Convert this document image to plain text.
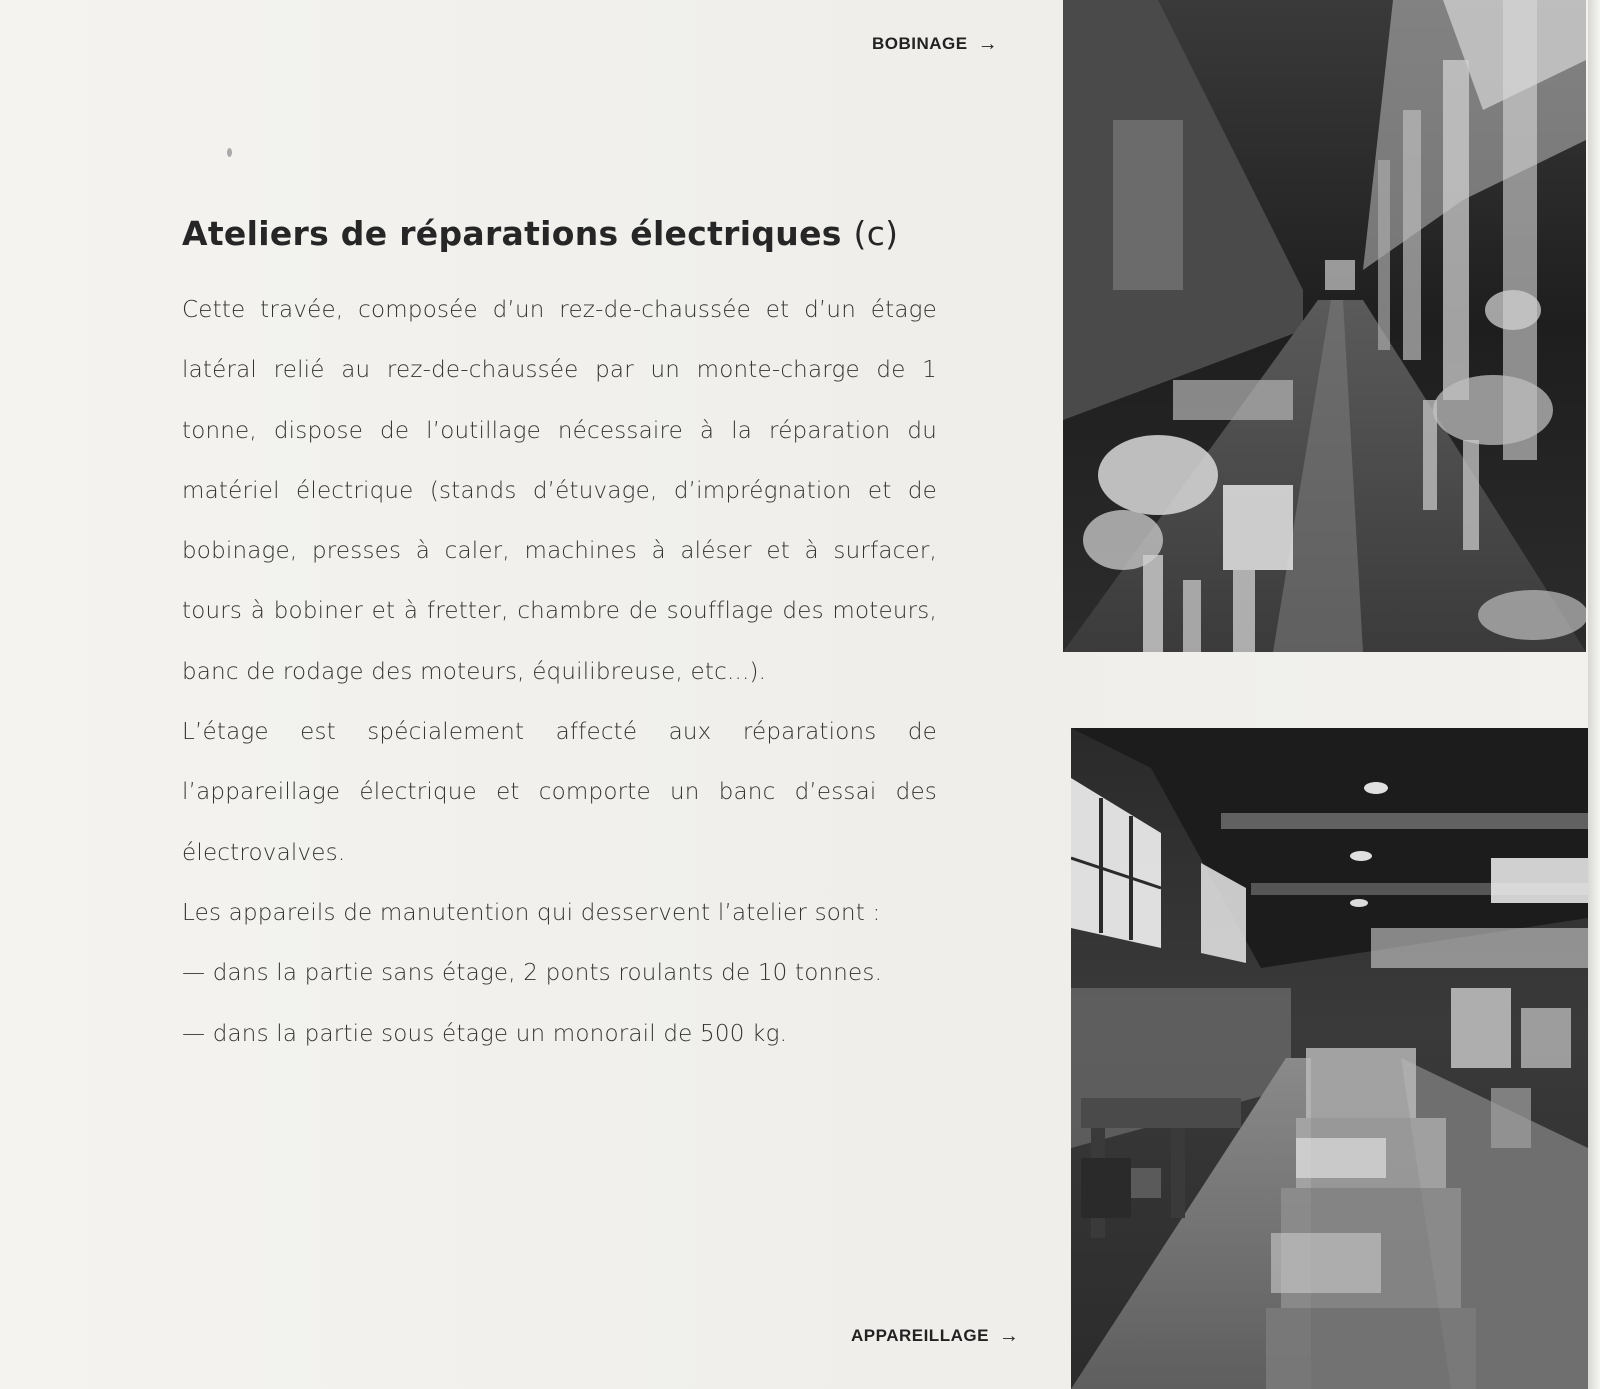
BOBINAGE →
Ateliers de réparations électriques (c)

Cette travée, composée d’un rez-de-chaussée et d’un étage latéral relié au rez-de-chaussée par un monte-charge de 1 tonne, dispose de l’outillage nécessaire à la réparation du matériel électrique (stands d’étuvage, d’imprégnation et de bobinage, presses à caler, machines à aléser et à surfacer, tours à bobiner et à fretter, chambre de soufflage des moteurs, banc de rodage des moteurs, équilibreuse, etc...).

L’étage est spécialement affecté aux réparations de l’appareillage électrique et comporte un banc d’essai des électrovalves.

Les appareils de manutention qui desservent l’atelier sont :

— dans la partie sans étage, 2 ponts roulants de 10 tonnes.

— dans la partie sous étage un monorail de 500 kg.

APPAREILLAGE →
